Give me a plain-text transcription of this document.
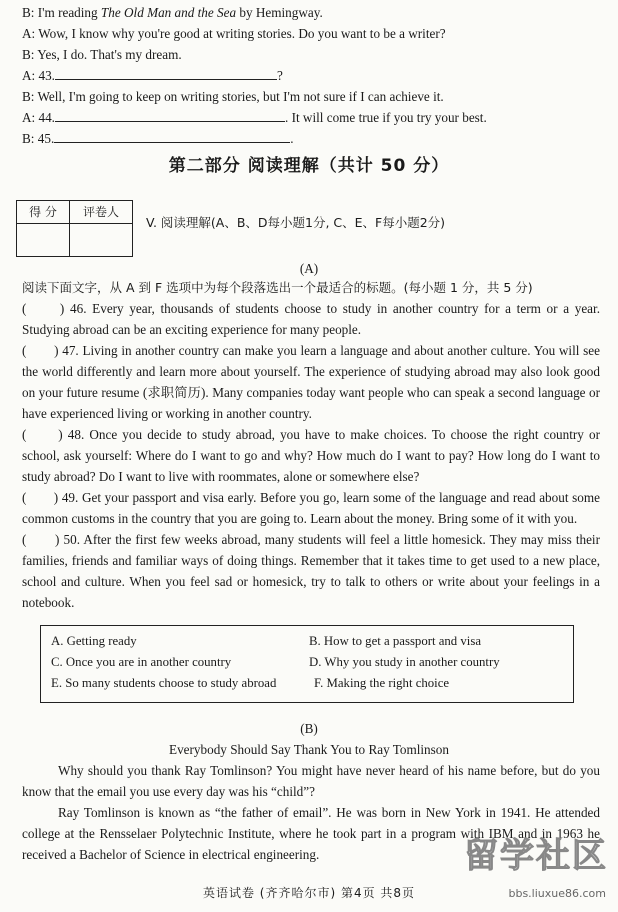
B: I'm reading The Old Man and the Sea by Hemingway.
A: Wow, I know why you're good at writing stories. Do you want to be a writer?
B: Yes, I do. That's my dream.
A: 43.	?
B: Well, I'm going to keep on writing stories, but I'm not sure if I can achieve it.
A: 44.	. It will come true if you try your best.
B: 45.	.
第二部分 阅读理解（共计 50 分）
得 分	评卷人

V. 阅读理解(A、B、D每小题1分, C、E、F每小题2分)
(A)
阅读下面文字，从 A 到 F 选项中为每个段落选出一个最适合的标题。(每小题 1 分，共 5 分)
(　　) 46. Every year, thousands of students choose to study in another country for a term or a year. Studying abroad can be an exciting experience for many people.
(　　) 47. Living in another country can make you learn a language and about another culture. You will see the world differently and learn more about yourself. The experience of studying abroad may also look good on your future resume (求职简历). Many companies today want people who can speak a second language or have experienced living or working in another country.
(　　) 48. Once you decide to study abroad, you have to make choices. To choose the right country or school, ask yourself: Where do I want to go and why? How much do I want to pay? How long do I want to study abroad? Do I want to live with roommates, alone or somewhere else?
(　　) 49. Get your passport and visa early. Before you go, learn some of the language and read about some common customs in the country that you are going to. Learn about the money. Bring some of it with you.
(　　) 50. After the first few weeks abroad, many students will feel a little homesick. They may miss their families, friends and familiar ways of doing things. Remember that it takes time to get used to a new place, school and culture. When you feel sad or homesick, try to talk to others or write about your feelings in a notebook.
A. Getting ready	B. How to get a passport and visa
C. Once you are in another country	D. Why you study in another country
E. So many students choose to study abroad	F. Making the right choice
(B)
Everybody Should Say Thank You to Ray Tomlinson
Why should you thank Ray Tomlinson? You might have never heard of his name before, but do you know that the email you use every day was his “child”?
Ray Tomlinson is known as “the father of email”. He was born in New York in 1941. He attended college at the Rensselaer Polytechnic Institute, where he took part in a program with IBM and in 1963 he received a Bachelor of Science in electrical engineering.
英语试卷 (齐齐哈尔市) 第4页 共8页
留学社区
bbs.liuxue86.com
